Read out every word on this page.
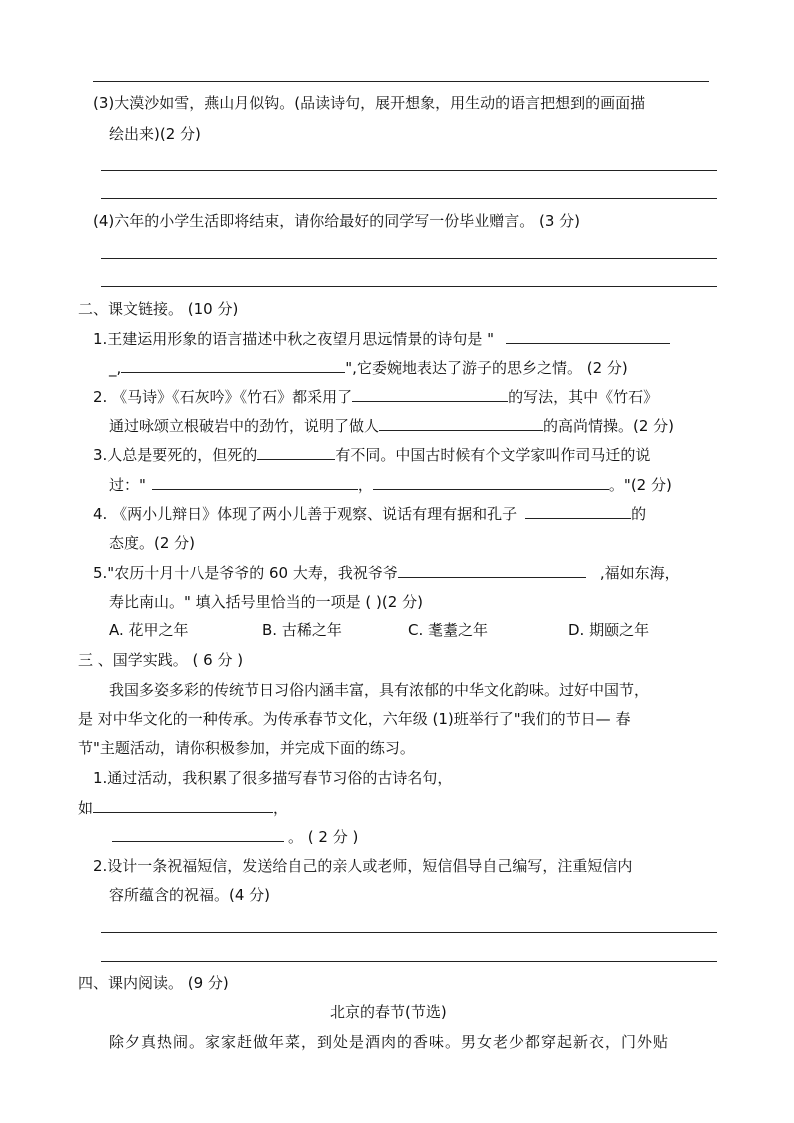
(3)大漠沙如雪，燕山月似钩。(品读诗句，展开想象，用生动的语言把想到的画面描
绘出来)(2 分)
(4)六年的小学生活即将结束，请你给最好的同学写一份毕业赠言。 (3 分)
二、课文链接。 (10 分)
1.王建运用形象的语言描述中秋之夜望月思远情景的诗句是 "
_,	",它委婉地表达了游子的思乡之情。 (2 分)
2. 《马诗》《石灰吟》《竹石》都采用了	的写法，其中《竹石》
通过咏颂立根破岩中的劲竹，说明了做人	的高尚情操。(2 分)
3.人总是要死的，但死的	有不同。中国古时候有个文学家叫作司马迁的说
过："	，	。"(2 分)
4. 《两小儿辩日》体现了两小儿善于观察、说话有理有据和孔子	的
态度。(2 分)
5."农历十月十八是爷爷的 60 大寿，我祝爷爷	,福如东海，
寿比南山。" 填入括号里恰当的一项是 ( )(2 分)
A. 花甲之年	B. 古稀之年	C. 耄耋之年	D. 期颐之年
三 、国学实践。 ( 6 分 )
我国多姿多彩的传统节日习俗内涵丰富，具有浓郁的中华文化韵味。过好中国节，
是 对中华文化的一种传承。为传承春节文化，六年级 (1)班举行了"我们的节日— 春
节"主题活动，请你积极参加，并完成下面的练习。
1.通过活动，我积累了很多描写春节习俗的古诗名句，
如	，
。 ( 2 分 )
2.设计一条祝福短信，发送给自己的亲人或老师，短信倡导自己编写，注重短信内
容所蕴含的祝福。(4 分)
四、课内阅读。 (9 分)
北京的春节(节选)
除夕真热闹。家家赶做年菜，到处是酒肉的香味。男女老少都穿起新衣，门外贴
